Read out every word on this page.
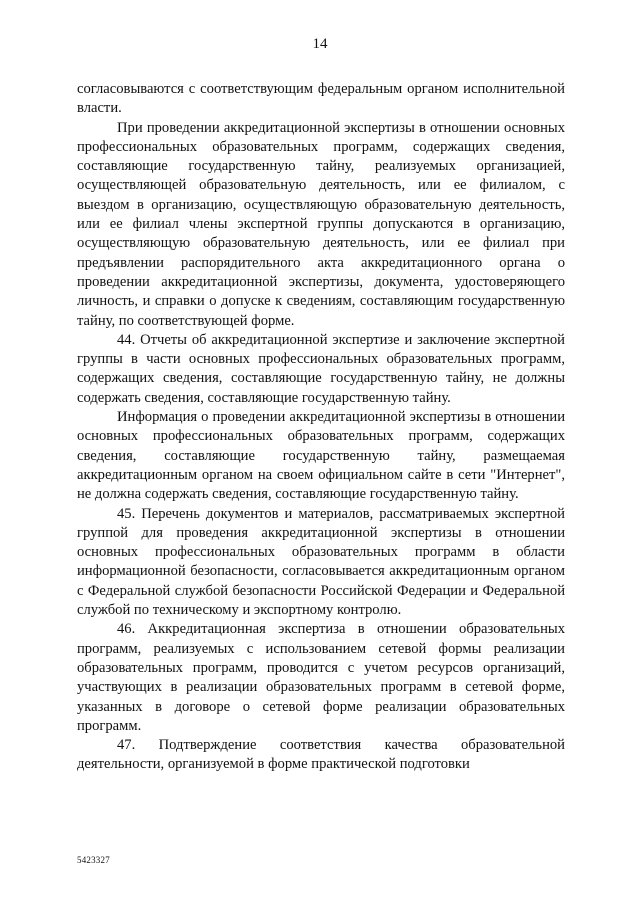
14

согласовываются с соответствующим федеральным органом исполнительной власти.

При проведении аккредитационной экспертизы в отношении основных профессиональных образовательных программ, содержащих сведения, составляющие государственную тайну, реализуемых организацией, осуществляющей образовательную деятельность, или ее филиалом, с выездом в организацию, осуществляющую образовательную деятельность, или ее филиал члены экспертной группы допускаются в организацию, осуществляющую образовательную деятельность, или ее филиал при предъявлении распорядительного акта аккредитационного органа о проведении аккредитационной экспертизы, документа, удостоверяющего личность, и справки о допуске к сведениям, составляющим государственную тайну, по соответствующей форме.

44. Отчеты об аккредитационной экспертизе и заключение экспертной группы в части основных профессиональных образовательных программ, содержащих сведения, составляющие государственную тайну, не должны содержать сведения, составляющие государственную тайну.

Информация о проведении аккредитационной экспертизы в отношении основных профессиональных образовательных программ, содержащих сведения, составляющие государственную тайну, размещаемая аккредитационным органом на своем официальном сайте в сети "Интернет", не должна содержать сведения, составляющие государственную тайну.

45. Перечень документов и материалов, рассматриваемых экспертной группой для проведения аккредитационной экспертизы в отношении основных профессиональных образовательных программ в области информационной безопасности, согласовывается аккредитационным органом с Федеральной службой безопасности Российской Федерации и Федеральной службой по техническому и экспортному контролю.

46. Аккредитационная экспертиза в отношении образовательных программ, реализуемых с использованием сетевой формы реализации образовательных программ, проводится с учетом ресурсов организаций, участвующих в реализации образовательных программ в сетевой форме, указанных в договоре о сетевой форме реализации образовательных программ.

47. Подтверждение соответствия качества образовательной деятельности, организуемой в форме практической подготовки

5423327
